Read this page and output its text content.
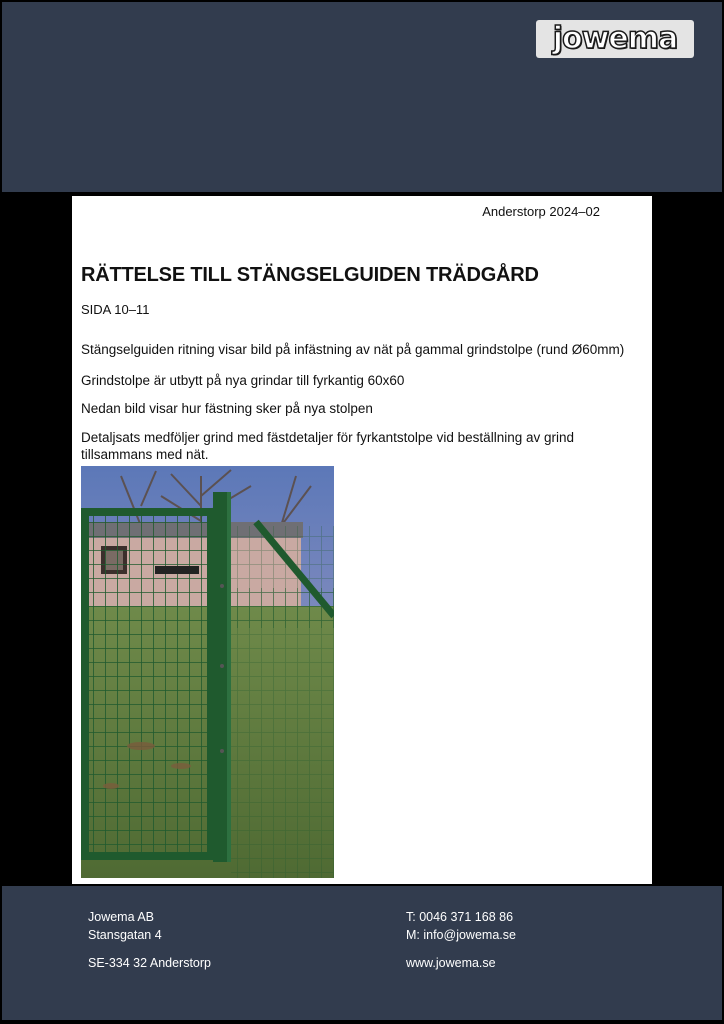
jowema
Anderstorp 2024–02
RÄTTELSE TILL STÄNGSELGUIDEN TRÄDGÅRD
SIDA 10–11
Stängselguiden ritning visar bild på infästning av nät på gammal grindstolpe (rund Ø60mm)
Grindstolpe är utbytt på nya grindar till fyrkantig 60x60
Nedan bild visar hur fästning sker på nya stolpen
Detaljsats medföljer grind med fästdetaljer för fyrkantstolpe vid beställning av grind tillsammans med nät.
Jowema AB
Stansgatan 4
SE-334 32 Anderstorp
T: 0046 371 168 86
M: info@jowema.se
www.jowema.se
